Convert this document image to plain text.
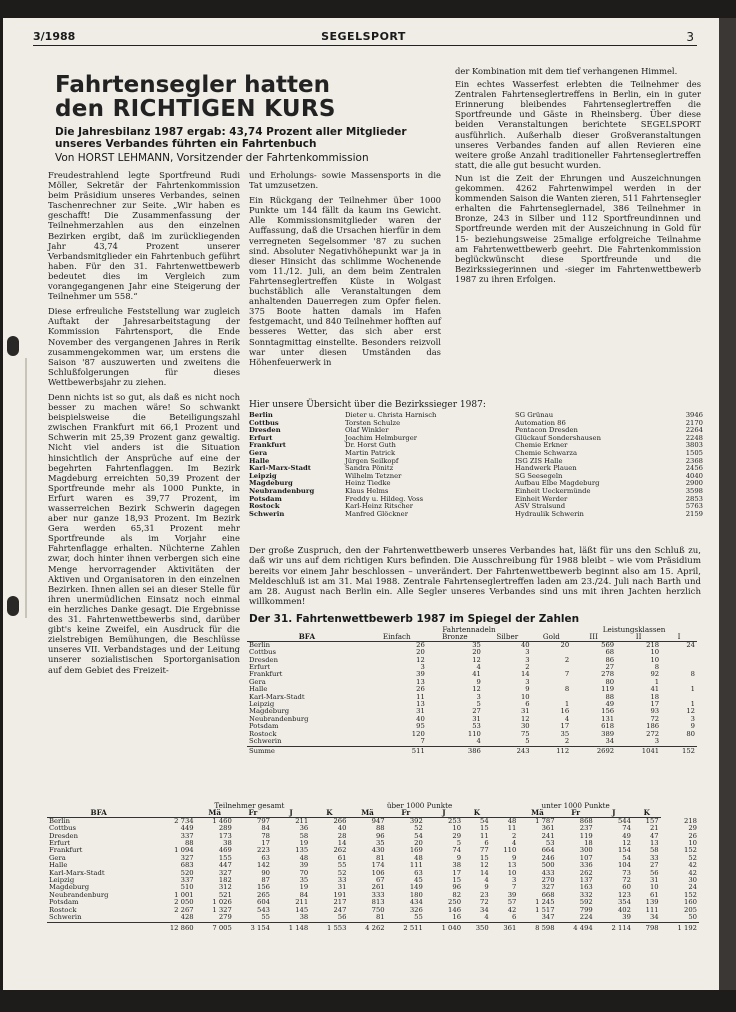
3/1988	SEGELSPORT	3
Fahrtensegler hatten
den RICHTIGEN KURS
Die Jahresbilanz 1987 ergab: 43,74 Prozent aller Mitglieder unseres Verbandes führten ein Fahrtenbuch
Von HORST LEHMANN, Vorsitzender der Fahrtenkommission

Freudestrahlend legte Sportfreund Rudi Möller, Sekretär der Fahrtenkommission beim Präsidium unseres Verbandes, seinen Taschenrechner zur Seite. „Wir haben es geschafft! Die Zusammenfassung der Teilnehmerzahlen aus den einzelnen Bezirken ergibt, daß im zurückliegenden Jahr 43,74 Prozent unserer Verbandsmitglieder ein Fahrtenbuch geführt haben. Für den 31. Fahrtenwettbewerb bedeutet dies im Vergleich zum vorangegangenen Jahr eine Steigerung der Teilnehmer um 558.“

Diese erfreuliche Feststellung war zugleich Auftakt der Jahresarbeitstagung der Kommission Fahrtensport, die Ende November des vergangenen Jahres in Rerik zusammengekommen war, um erstens die Saison '87 auszuwerten und zweitens die Schlußfolgerungen für dieses Wettbewerbsjahr zu ziehen.

Denn nichts ist so gut, als daß es nicht noch besser zu machen wäre! So schwankt beispielsweise die Beteiligungszahl zwischen Frankfurt mit 66,1 Prozent und Schwerin mit 25,39 Prozent ganz gewaltig. Nicht viel anders ist die Situation hinsichtlich der Ansprüche auf eine der begehrten Fahrtenflaggen. Im Bezirk Magdeburg erreichten 50,39 Prozent der Sportfreunde mehr als 1000 Punkte, in Erfurt waren es 39,77 Prozent, im wasserreichen Bezirk Schwerin dagegen aber nur ganze 18,93 Prozent. Im Bezirk Gera werden 65,31 Prozent mehr Sportfreunde als im Vorjahr eine Fahrtenflagge erhalten. Nüchterne Zahlen zwar, doch hinter ihnen verbergen sich eine Menge hervorragender Aktivitäten der Aktiven und Organisatoren in den einzelnen Bezirken. Ihnen allen sei an dieser Stelle für ihren unermüdlichen Einsatz noch einmal ein herzliches Danke gesagt. Die Ergebnisse des 31. Fahrtenwettbewerbs sind, darüber gibt's keine Zweifel, ein Ausdruck für die zielstrebigen Bemühungen, die Beschlüsse unseres VII. Verbandstages und der Leitung unserer sozialistischen Sportorganisation auf dem Gebiet des Freizeit-

und Erholungs- sowie Massensports in die Tat umzusetzen.

Ein Rückgang der Teilnehmer über 1000 Punkte um 144 fällt da kaum ins Gewicht. Alle Kommissionsmitglieder waren der Auffassung, daß die Ursachen hierfür in dem verregneten Segelsommer '87 zu suchen sind. Absoluter Negativhöhepunkt war ja in dieser Hinsicht das schlimme Wochenende vom 11./12. Juli, an dem beim Zentralen Fahrtenseglertreffen Küste in Wolgast buchstäblich alle Veranstaltungen dem anhaltenden Dauerregen zum Opfer fielen. 375 Boote hatten damals im Hafen festgemacht, und 840 Teilnehmer hofften auf besseres Wetter, das sich aber erst Sonntagmittag einstellte. Besonders reizvoll war unter diesen Umständen das Höhenfeuerwerk in

der Kombination mit dem tief verhangenen Himmel.

Ein echtes Wasserfest erlebten die Teilnehmer des Zentralen Fahrtenseglertreffens in Berlin, ein in guter Erinnerung bleibendes Fahrtenseglertreffen die Sportfreunde und Gäste in Rheinsberg. Über diese beiden Veranstaltungen berichtete SEGELSPORT ausführlich. Außerhalb dieser Großveranstaltungen unseres Verbandes fanden auf allen Revieren eine weitere große Anzahl traditioneller Fahrtenseglertreffen statt, die alle gut besucht wurden.

Nun ist die Zeit der Ehrungen und Auszeichnungen gekommen. 4262 Fahrtenwimpel werden in der kommenden Saison die Wanten zieren, 511 Fahrtensegler erhalten die Fahrtenseglernadel, 386 Teilnehmer in Bronze, 243 in Silber und 112 Sportfreundinnen und Sportfreunde werden mit der Auszeichnung in Gold für 15- beziehungsweise 25malige erfolgreiche Teilnahme am Fahrtenwettbewerb geehrt. Die Fahrtenkommission beglückwünscht diese Sportfreunde und die Bezirkssiegerinnen und -sieger im Fahrtenwettbewerb 1987 zu ihren Erfolgen.

Hier unsere Übersicht über die Bezirkssieger 1987:
Berlin	Dieter u. Christa Harnisch	SG Grünau	3946
Cottbus	Torsten Schulze	Automation 86	2170
Dresden	Olaf Winkler	Pentacon Dresden	2264
Erfurt	Joachim Helmburger	Glückauf Sondershausen	2248
Frankfurt	Dr. Horst Guth	Chemie Erkner	3803
Gera	Martin Patrick	Chemie Schwarza	1505
Halle	Jürgen Seilkopf	ISG ZIS Halle	2368
Karl-Marx-Stadt	Sandra Pönitz	Handwerk Plauen	2456
Leipzig	Wilhelm Tetzner	SG Seesegeln	4040
Magdeburg	Heinz Tiedke	Aufbau Elbe Magdeburg	2900
Neubrandenburg	Klaus Helms	Einheit Ueckermünde	3598
Potsdam	Freddy u. Hildeg. Voss	Einheit Werder	2853
Rostock	Karl-Heinz Ritscher	ASV Stralsund	5763
Schwerin	Manfred Glöckner	Hydraulik Schwerin	2159

Der große Zuspruch, den der Fahrtenwettbewerb unseres Verbandes hat, läßt für uns den Schluß zu, daß wir uns auf dem richtigen Kurs befinden. Die Ausschreibung für 1988 bleibt – wie vom Präsidium bereits vor einem Jahr beschlossen – unverändert. Der Fahrtenwettbewerb beginnt also am 15. April, Meldeschluß ist am 31. Mai 1988. Zentrale Fahrtenseglertreffen laden am 23./24. Juli nach Barth und am 28. August nach Berlin ein. Alle Segler unseres Verbandes sind uns mit ihren Jachten herzlich willkommen!

Der 31. Fahrtenwettbewerb 1987 im Spiegel der Zahlen
	Fahrtennadeln				Leistungsklassen		
BFA	Einfach	Bronze	Silber	Gold	III	II	I
Berlin	26	35	40	20	569	218	24
Cottbus	20	20	3		68	10	
Dresden	12	12	3	2	86	10	
Erfurt	3	4	2		27	8	
Frankfurt	39	41	14	7	278	92	8
Gera	13	9	3		80	1	
Halle	26	12	9	8	119	41	1
Karl-Marx-Stadt	11	3	10		88	18	
Leipzig	13	5	6	1	49	17	1
Magdeburg	31	27	31	16	156	93	12
Neubrandenburg	40	31	12	4	131	72	3
Potsdam	95	53	30	17	618	186	9
Rostock	120	110	75	35	389	272	80
Schwerin	7	4	5	2	34	3	
Summe	511	386	243	112	2692	1041	152
	Teilnehmer gesamt					über 1000 Punkte				unter 1000 Punkte					
BFA		Mä	Fr	J	K	Mä	Fr	J	K		Mä	Fr	J	K	
Berlin	2 734	1 460	797	211	266	947	392	253	54	48	1 787	868	544	157	218
Cottbus	449	289	84	36	40	88	52	10	15	11	361	237	74	21	29
Dresden	337	173	78	58	28	96	54	29	11	2	241	119	49	47	26
Erfurt	88	38	17	19	14	35	20	5	6	4	53	18	12	13	10
Frankfurt	1 094	469	223	135	262	430	169	74	77	110	664	300	154	58	152
Gera	327	155	63	48	61	81	48	9	15	9	246	107	54	33	52
Halle	683	447	142	39	55	174	111	38	12	13	500	336	104	27	42
Karl-Marx-Stadt	520	327	90	70	52	106	63	17	14	10	433	262	73	56	42
Leipzig	337	182	87	35	33	67	45	15	4	3	270	137	72	31	30
Magdeburg	510	312	156	19	31	261	149	96	9	7	327	163	60	10	24
Neubrandenburg	1 001	521	265	84	191	333	180	82	23	39	668	332	123	61	152
Potsdam	2 050	1 026	604	211	217	813	434	250	72	57	1 245	592	354	139	160
Rostock	2 267	1 327	543	145	247	750	326	146	34	42	1 517	799	402	111	205
Schwerin	428	279	55	38	56	81	55	16	4	6	347	224	39	34	50
	12 860	7 005	3 154	1 148	1 553	4 262	2 511	1 040	350	361	8 598	4 494	2 114	798	1 192
